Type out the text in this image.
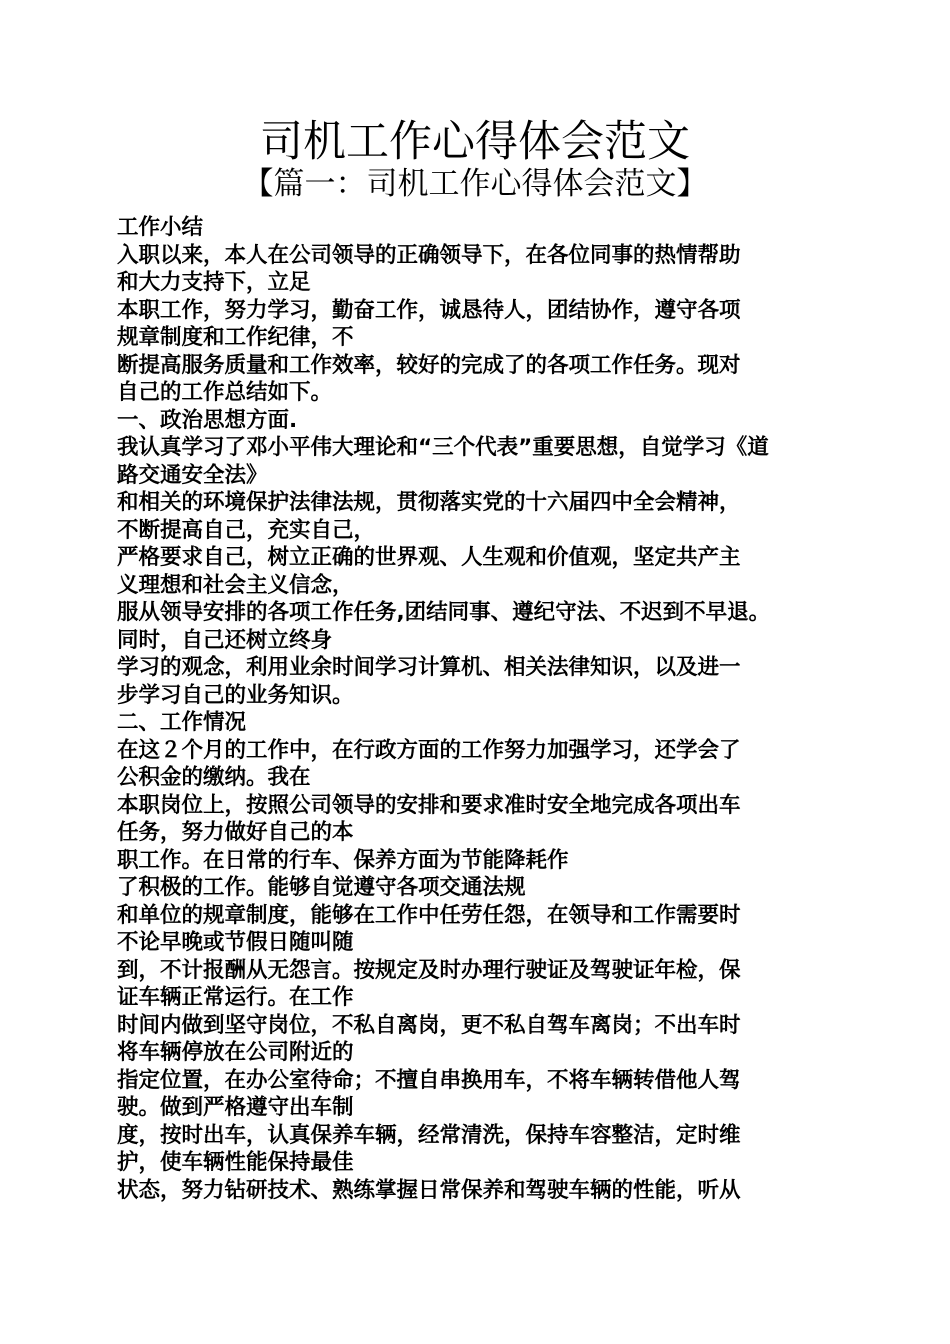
司机工作心得体会范文
【篇一：司机工作心得体会范文】
工作小结
入职以来，本人在公司领导的正确领导下，在各位同事的热情帮助
和大力支持下，立足
本职工作，努力学习，勤奋工作，诚恳待人，团结协作，遵守各项
规章制度和工作纪律，不
断提高服务质量和工作效率，较好的完成了的各项工作任务。现对
自己的工作总结如下。
一、政治思想方面.
我认真学习了邓小平伟大理论和“三个代表”重要思想，自觉学习《道
路交通安全法》
和相关的环境保护法律法规，贯彻落实党的十六届四中全会精神，
不断提高自己，充实自己，
严格要求自己，树立正确的世界观、人生观和价值观，坚定共产主
义理想和社会主义信念，
服从领导安排的各项工作任务,团结同事、遵纪守法、不迟到不早退。
同时，自己还树立终身
学习的观念，利用业余时间学习计算机、相关法律知识，以及进一
步学习自己的业务知识。
二、工作情况
在这２个月的工作中，在行政方面的工作努力加强学习，还学会了
公积金的缴纳。我在
本职岗位上，按照公司领导的安排和要求准时安全地完成各项出车
任务，努力做好自己的本
职工作。在日常的行车、保养方面为节能降耗作
了积极的工作。能够自觉遵守各项交通法规
和单位的规章制度，能够在工作中任劳任怨，在领导和工作需要时
不论早晚或节假日随叫随
到，不计报酬从无怨言。按规定及时办理行驶证及驾驶证年检，保
证车辆正常运行。在工作
时间内做到坚守岗位，不私自离岗，更不私自驾车离岗；不出车时
将车辆停放在公司附近的
指定位置，在办公室待命；不擅自串换用车，不将车辆转借他人驾
驶。做到严格遵守出车制
度，按时出车，认真保养车辆，经常清洗，保持车容整洁，定时维
护，使车辆性能保持最佳
状态，努力钻研技术、熟练掌握日常保养和驾驶车辆的性能，听从
